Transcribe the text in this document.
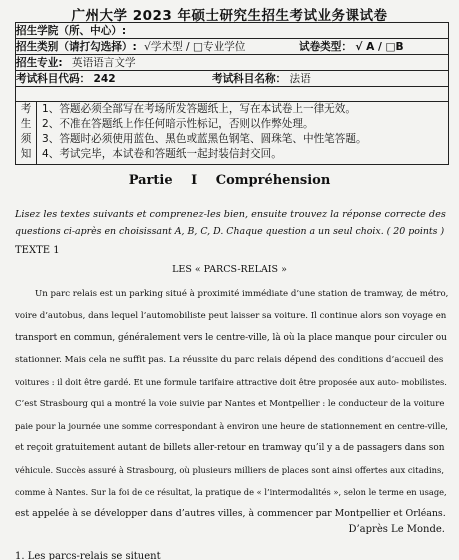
广州大学 2023 年硕士研究生招生考试业务课试卷
招生学院（所、中心）:
招生类别（请打勾选择）: √学术型 / □专业学位	试卷类型： √ A / □B
招生专业: 英语语言文学
考试科目代码： 242	考试科目名称： 法语
考
生
须
知
1、答题必须全部写在考场所发答题纸上，写在本试卷上一律无效。
2、不准在答题纸上作任何暗示性标记，否则以作弊处理。
3、答题时必须使用蓝色、黑色或蓝黑色钢笔、圆珠笔、中性笔答题。
4、考试完毕，本试卷和答题纸一起封装信封交回。
Partie I Compréhension
Lisez les textes suivants et comprenez-les bien, ensuite trouvez la réponse correcte des
questions ci-après en choisissant A, B, C, D. Chaque question a un seul choix. ( 20 points )
TEXTE 1
LES « PARCS-RELAIS »
Un parc relais est un parking situé à proximité immédiate d’une station de tramway, de métro,
voire d’autobus, dans lequel l’automobiliste peut laisser sa voiture. Il continue alors son voyage en
transport en commun, généralement vers le centre-ville, là où la place manque pour circuler ou
stationner. Mais cela ne suffit pas. La réussite du parc relais dépend des conditions d’accueil des
voitures : il doit être gardé. Et une formule tarifaire attractive doit être proposée aux auto- mobilistes.
C’est Strasbourg qui a montré la voie suivie par Nantes et Montpellier : le conducteur de la voiture
paie pour la journée une somme correspondant à environ une heure de stationnement en centre-ville,
et reçoit gratuitement autant de billets aller-retour en tramway qu’il y a de passagers dans son
véhicule. Succès assuré à Strasbourg, où plusieurs milliers de places sont ainsi offertes aux citadins,
comme à Nantes. Sur la foi de ce résultat, la pratique de « l’intermodalités », selon le terme en usage,
est appelée à se développer dans d’autres villes, à commencer par Montpellier et Orléans.
D’après Le Monde.
1. Les parcs-relais se situent
